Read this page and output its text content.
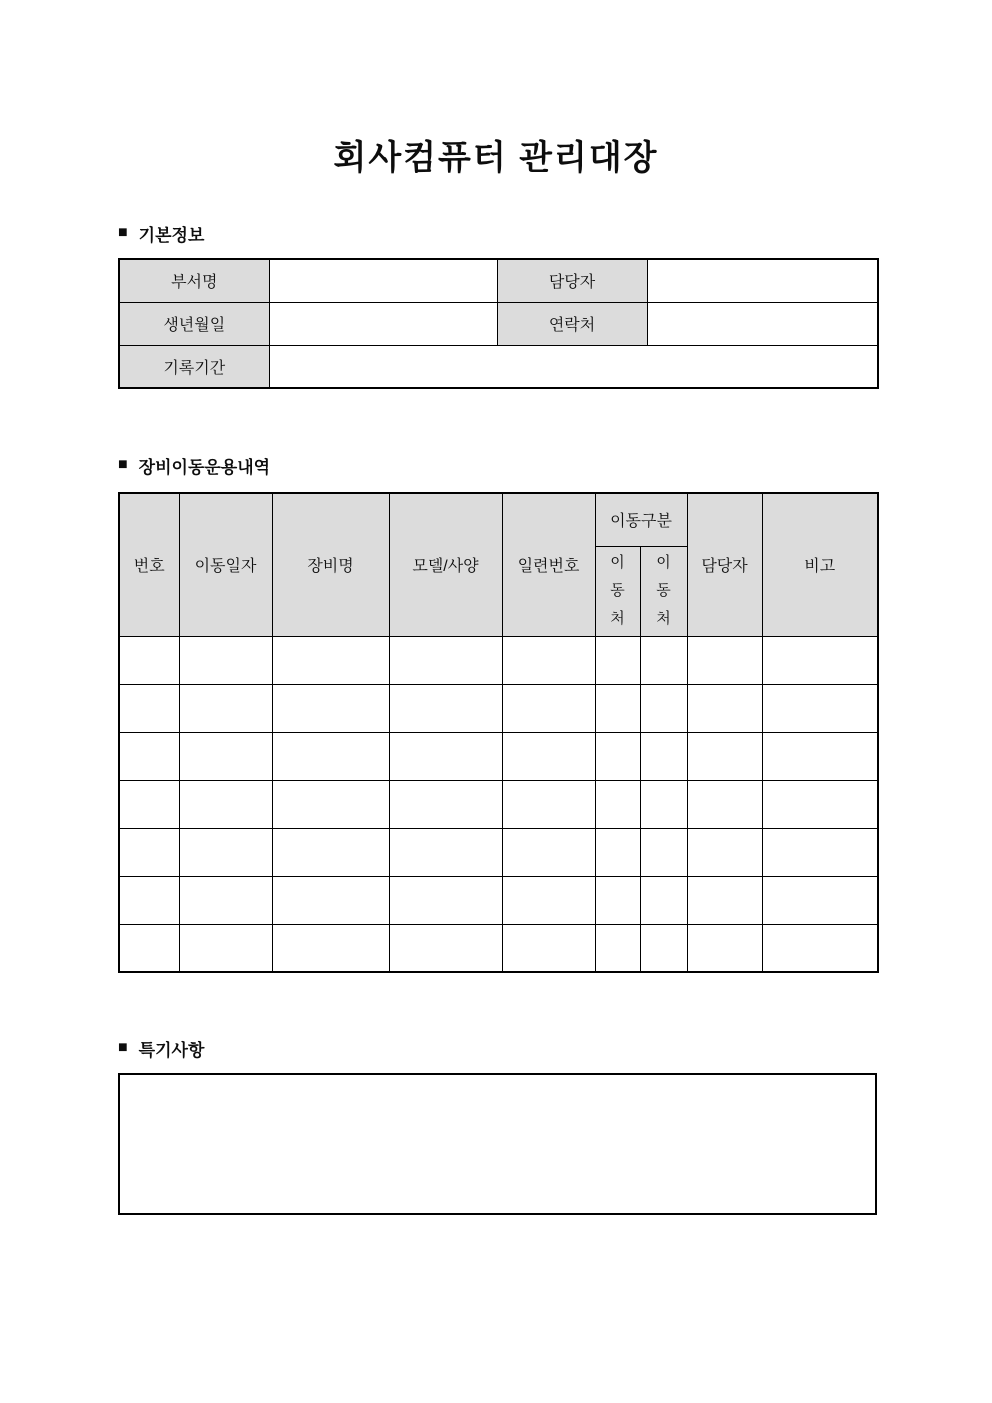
회사컴퓨터 관리대장
■ 기본정보
부서명		담당자	
생년월일		연락처	
기록기간			
■ 장비이동운용내역
번호	이동일자	장비명	모델/사양	일련번호	이동구분		담당자	비고

					이동처	이동처		

■ 특기사항
